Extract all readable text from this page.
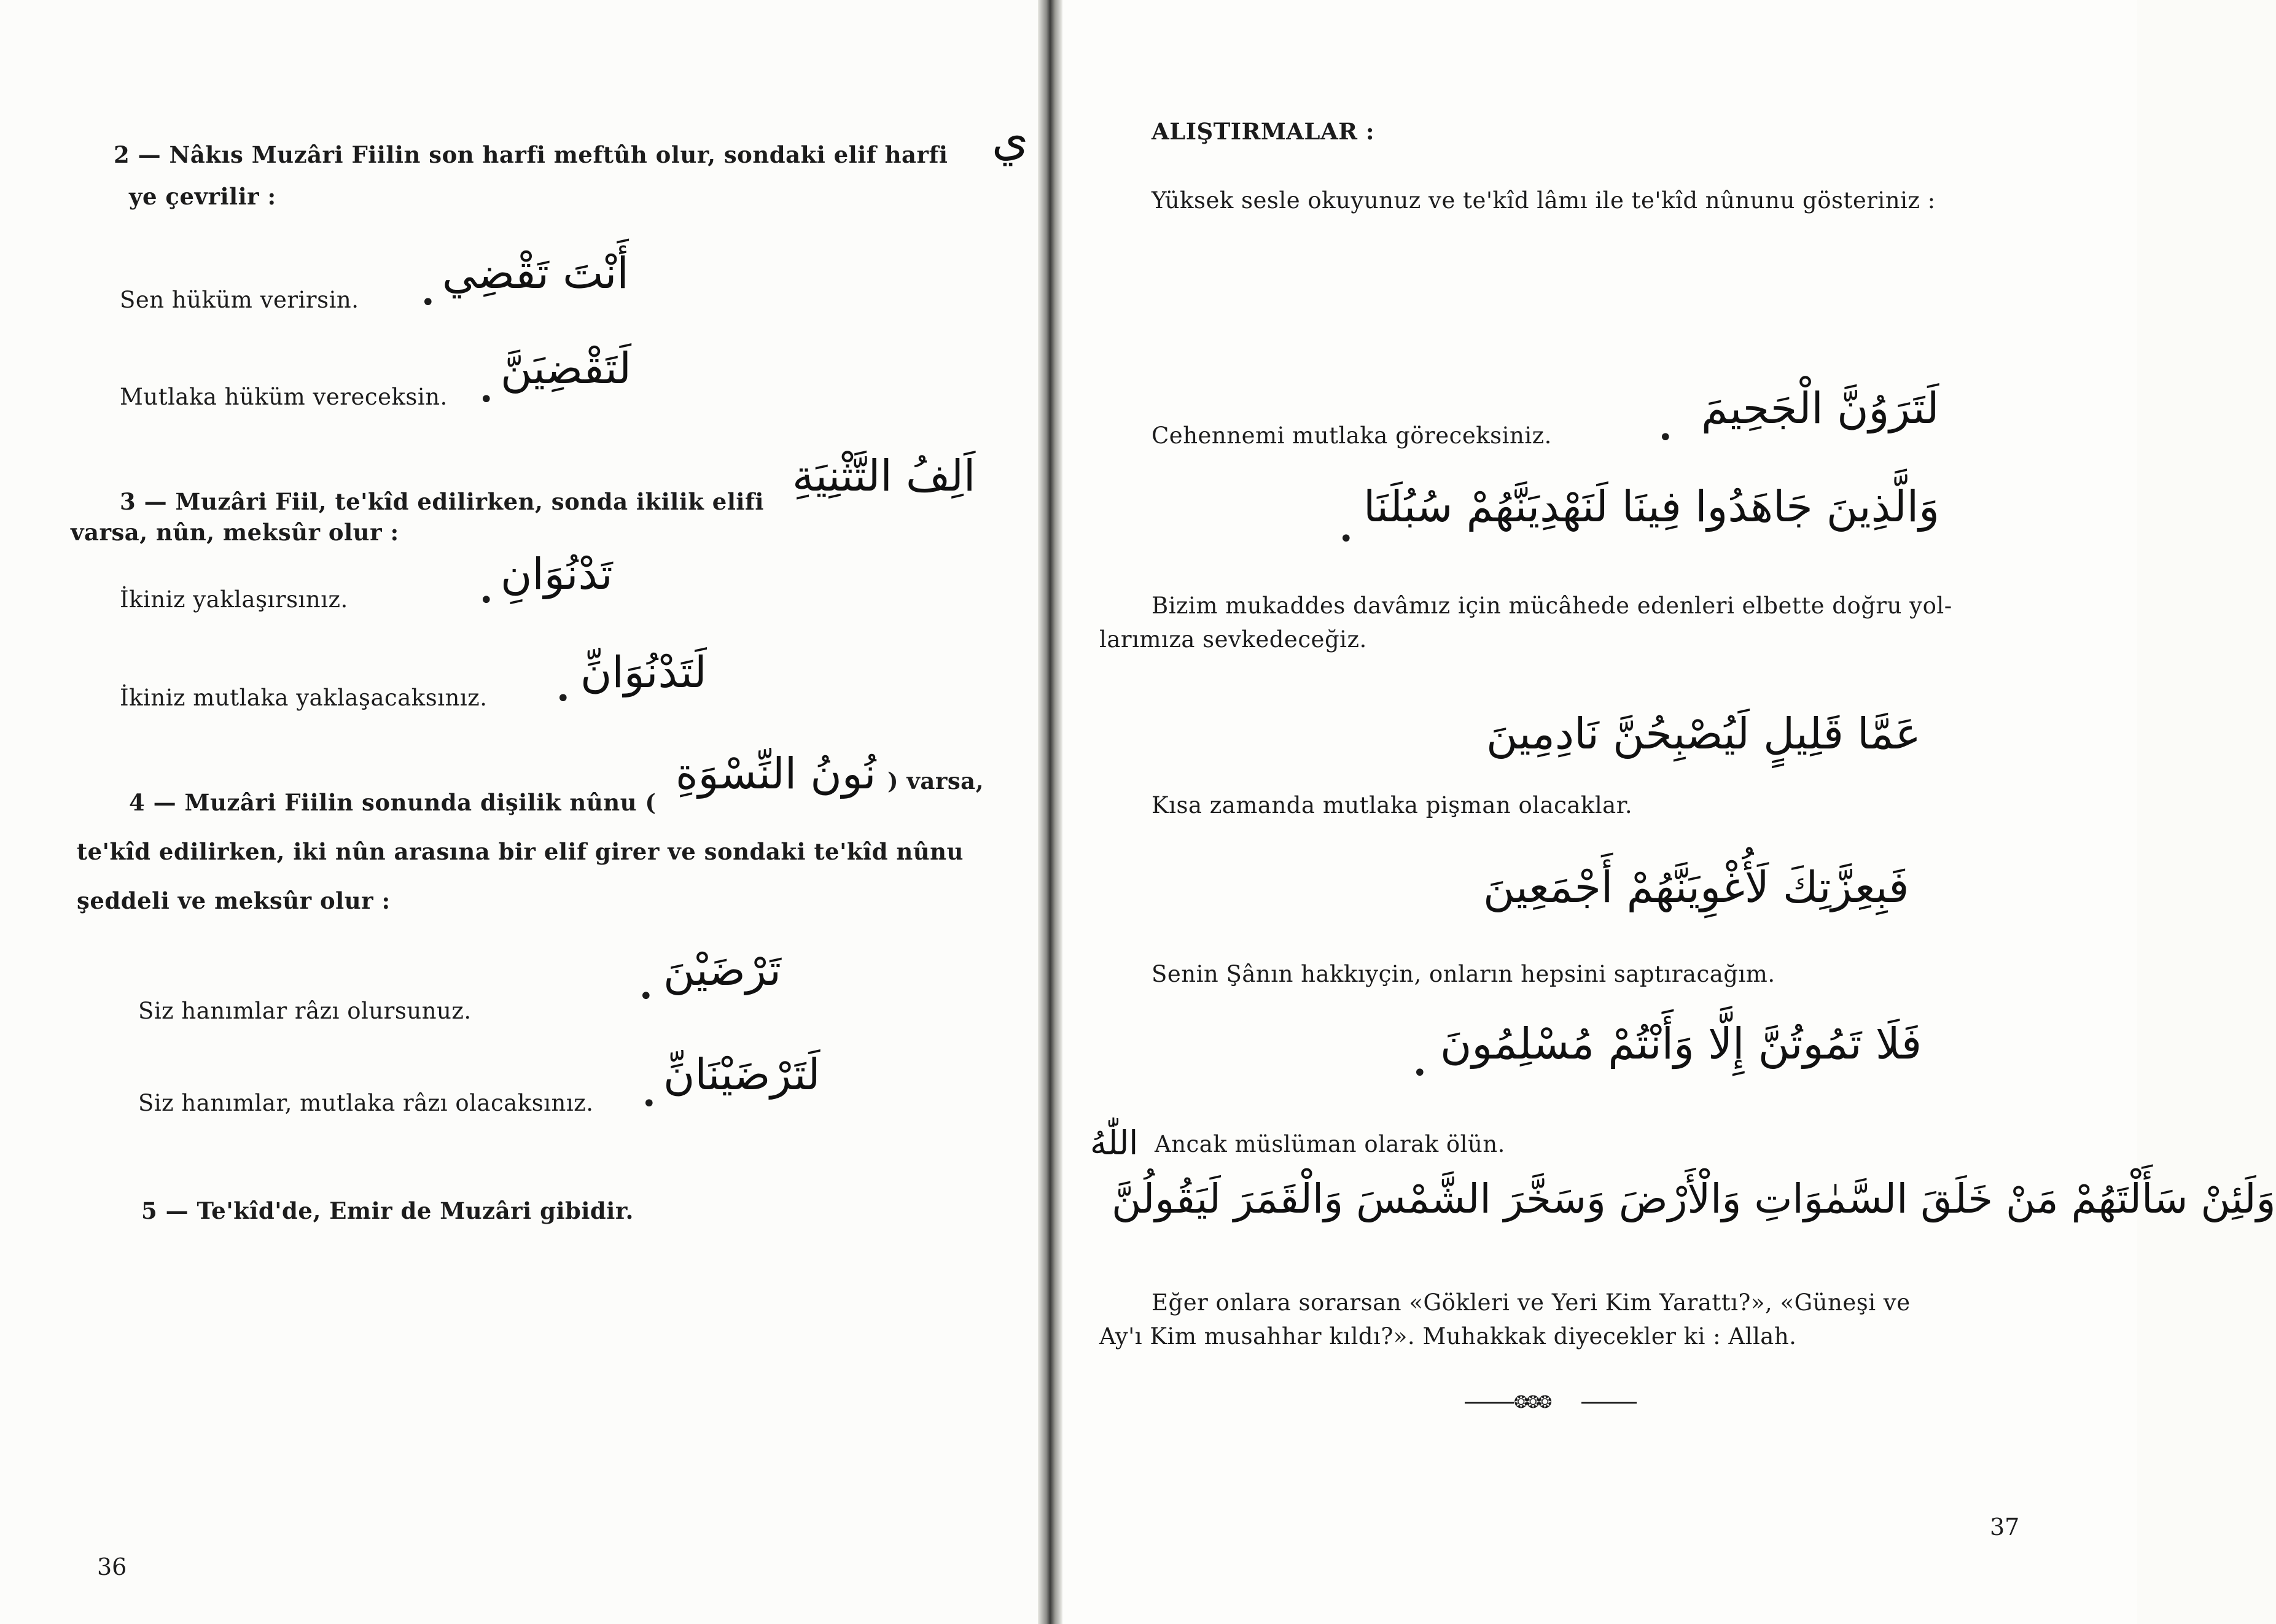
2 — Nâkıs Muzâri Fiilin son harfi meftûh olur, sondaki elif harfi ي
ye çevrilir :
Sen hüküm verirsin.	•
أَنْتَ تَقْضِي
Mutlaka hüküm vereceksin. •
لَتَقْضِيَنَّ
3 — Muzâri Fiil, te'kîd edilirken, sonda ikilik elifi
اَلِفُ التَّثْنِيَةِ
varsa, nûn, meksûr olur :
İkiniz yaklaşırsınız.	•
تَدْنُوَانِ
İkiniz mutlaka yaklaşacaksınız.	•
لَتَدْنُوَانِّ
4 — Muzâri Fiilin sonunda dişilik nûnu (
نُونُ النِّسْوَةِ ) varsa,
te'kîd edilirken, iki nûn arasına bir elif girer ve sondaki te'kîd nûnu
şeddeli ve meksûr olur :
Siz hanımlar râzı olursunuz.
•
تَرْضَيْنَ
Siz hanımlar, mutlaka râzı olacaksınız. •
لَتَرْضَيْنَانِّ
5 — Te'kîd'de, Emir de Muzâri gibidir.
36
ALIŞTIRMALAR :
Yüksek sesle okuyunuz ve te'kîd lâmı ile te'kîd nûnunu gösteriniz :
Cehennemi mutlaka göreceksiniz.	•
لَتَرَوُنَّ الْجَحِيمَ
•
وَالَّذِينَ جَاهَدُوا فِينَا لَنَهْدِيَنَّهُمْ سُبُلَنَا
Bizim mukaddes davâmız için mücâhede edenleri elbette doğru yol-
larımıza sevkedeceğiz.
عَمَّا قَلِيلٍ لَيُصْبِحُنَّ نَادِمِينَ
Kısa zamanda mutlaka pişman olacaklar.
فَبِعِزَّتِكَ لَأُغْوِيَنَّهُمْ أَجْمَعِينَ
Senin Şânın hakkıyçin, onların hepsini saptıracağım.
•
فَلَا تَمُوتُنَّ إِلَّا وَأَنْتُمْ مُسْلِمُونَ
اللّٰهُ Ancak müslüman olarak ölün.
وَلَئِنْ سَأَلْتَهُمْ مَنْ خَلَقَ السَّمٰوَاتِ وَالْأَرْضَ وَسَخَّرَ الشَّمْسَ وَالْقَمَرَ لَيَقُولُنَّ
Eğer onlara sorarsan «Gökleri ve Yeri Kim Yarattı?», «Güneşi ve
Ay'ı Kim musahhar kıldı?». Muhakkak diyecekler ki : Allah.
❂❂❂
37
